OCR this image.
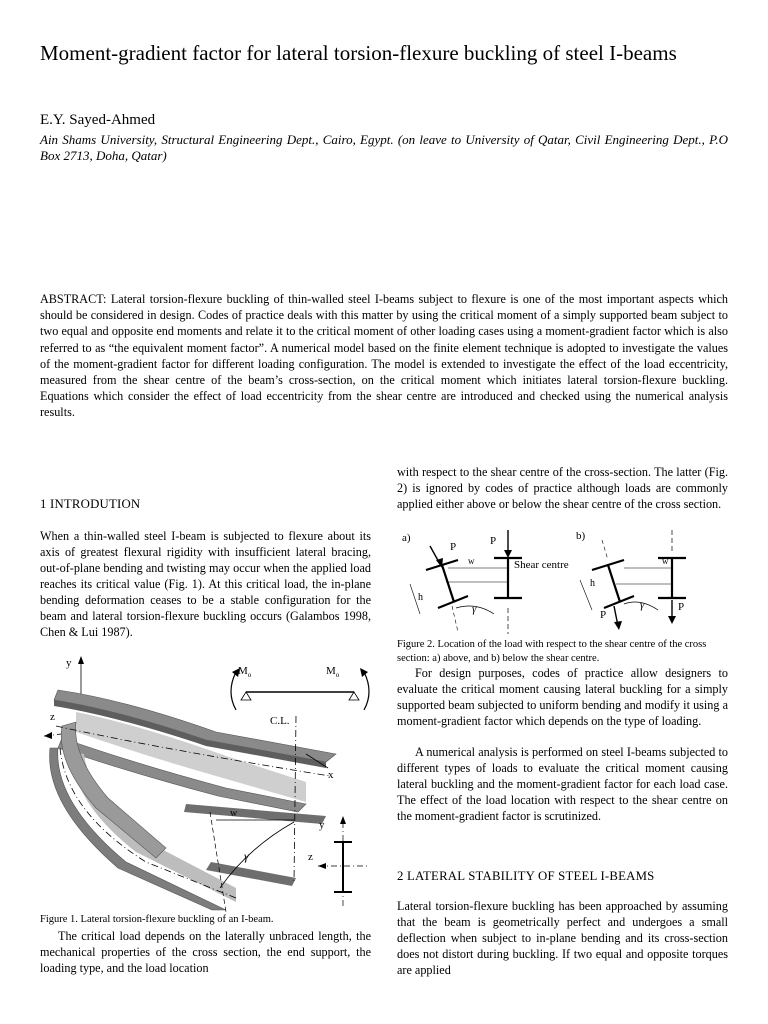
Moment-gradient factor for lateral torsion-flexure buckling of steel I-beams
E.Y. Sayed-Ahmed
Ain Shams University, Structural Engineering Dept., Cairo, Egypt. (on leave to University of Qatar, Civil Engineering Dept., P.O Box 2713, Doha, Qatar)
ABSTRACT: Lateral torsion-flexure buckling of thin-walled steel I-beams subject to flexure is one of the most important aspects which should be considered in design. Codes of practice deals with this matter by using the critical moment of a simply supported beam subject to two equal and opposite end moments and relate it to the critical moment of other loading cases using a moment-gradient factor which is also referred to as “the equivalent moment factor”. A numerical model based on the finite element technique is adopted to investigate the values of the moment-gradient factor for different loading configuration. The model is extended to investigate the effect of the load eccentricity, measured from the shear centre of the beam’s cross-section, on the critical moment which initiates lateral torsion-flexure buckling. Equations which consider the effect of load eccentricity from the shear centre are introduced and checked using the numerical analysis results.
1 INTRODUTION
When a thin-walled steel I-beam is subjected to flexure about its axis of greatest flexural rigidity with insufficient lateral bracing, out-of-plane bending and twisting may occur when the applied load reaches its critical value (Fig. 1). At this critical load, the in-plane bending deformation ceases to be a stable configuration for the beam and lateral torsion-flexure buckling occurs (Galambos 1998, Chen & Lui 1987).
y
z
$M_o$	$M_o$
C.L.
x
w
γ
y
z
Figure 1. Lateral torsion-flexure buckling of an I-beam.
The critical load depends on the laterally unbraced length, the mechanical properties of the cross section, the end support, the loading type, and the load location
with respect to the shear centre of the cross-section. The latter (Fig. 2) is ignored by codes of practice although loads are commonly applied either above or below the shear centre of the cross section.
a)	b)
P
P
w
h
γ
Shear centre
P
P
w
h
γ
Figure 2. Location of the load with respect to the shear centre of the cross section: a) above, and b) below the shear centre.
For design purposes, codes of practice allow designers to evaluate the critical moment causing lateral buckling for a simply supported beam subjected to uniform bending and modify it using a moment-gradient factor which depends on the type of loading.
A numerical analysis is performed on steel I-beams subjected to different types of loads to evaluate the critical moment causing lateral buckling and the moment-gradient factor for each load case. The effect of the load location with respect to the shear centre on the moment-gradient factor is scrutinized.
2 LATERAL STABILITY OF STEEL I-BEAMS
Lateral torsion-flexure buckling has been approached by assuming that the beam is geometrically perfect and undergoes a small deflection when subject to in-plane bending and its cross-section does not distort during buckling. If two equal and opposite torques are applied
